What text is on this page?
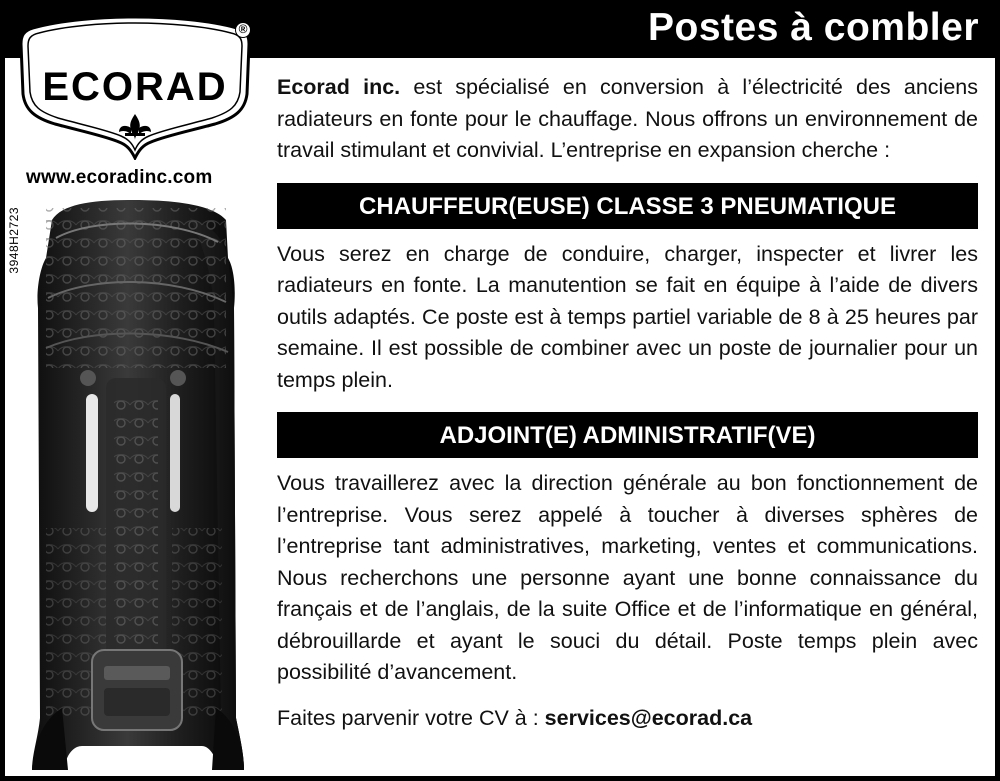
Postes à combler
ECORAD
®
www.ecoradinc.com
3948H2723

Ecorad inc. est spécialisé en conversion à l’électricité des anciens radiateurs en fonte pour le chauffage. Nous offrons un environnement de travail stimulant et convivial. L’entreprise en expansion cherche :

CHAUFFEUR(EUSE) CLASSE 3 PNEUMATIQUE

Vous serez en charge de conduire, charger, inspecter et livrer les radiateurs en fonte. La manutention se fait en équipe à l’aide de divers outils adaptés. Ce poste est à temps partiel variable de 8 à 25 heures par semaine. Il est possible de combiner avec un poste de journalier pour un temps plein.

ADJOINT(E) ADMINISTRATIF(VE)

Vous travaillerez avec la direction générale au bon fonctionnement de l’entreprise. Vous serez appelé à toucher à diverses sphères de l’entreprise tant administratives, marketing, ventes et communications. Nous recherchons une personne ayant une bonne connaissance du français et de l’anglais, de la suite Office et de l’informatique en général, débrouillarde et ayant le souci du détail. Poste temps plein avec possibilité d’avancement.

Faites parvenir votre CV à : services@ecorad.ca
